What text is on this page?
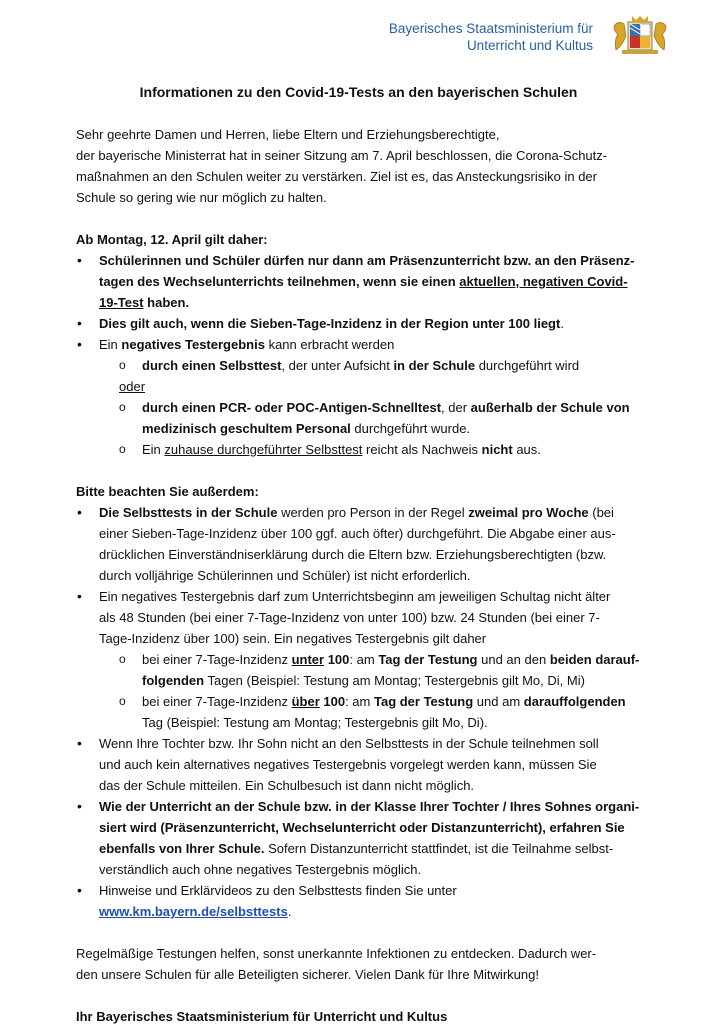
Bayerisches Staatsministerium für
Unterricht und Kultus
Informationen zu den Covid-19-Tests an den bayerischen Schulen

Sehr geehrte Damen und Herren, liebe Eltern und Erziehungsberechtigte,

der bayerische Ministerrat hat in seiner Sitzung am 7. April beschlossen, die Corona-Schutz-

maßnahmen an den Schulen weiter zu verstärken. Ziel ist es, das Ansteckungsrisiko in der

Schule so gering wie nur möglich zu halten.

Ab Montag, 12. April gilt daher:

• Schülerinnen und Schüler dürfen nur dann am Präsenzunterricht bzw. an den Präsenz-
tagen des Wechselunterrichts teilnehmen, wenn sie einen aktuellen, negativen Covid-
19-Test haben.
• Dies gilt auch, wenn die Sieben-Tage-Inzidenz in der Region unter 100 liegt.
• Ein negatives Testergebnis kann erbracht werden
o durch einen Selbsttest, der unter Aufsicht in der Schule durchgeführt wird
oder
o durch einen PCR- oder POC-Antigen-Schnelltest, der außerhalb der Schule von
medizinisch geschultem Personal durchgeführt wurde.
o Ein zuhause durchgeführter Selbsttest reicht als Nachweis nicht aus.

Bitte beachten Sie außerdem:

• Die Selbsttests in der Schule werden pro Person in der Regel zweimal pro Woche (bei
einer Sieben-Tage-Inzidenz über 100 ggf. auch öfter) durchgeführt. Die Abgabe einer aus-
drücklichen Einverständniserklärung durch die Eltern bzw. Erziehungsberechtigten (bzw.
durch volljährige Schülerinnen und Schüler) ist nicht erforderlich.
• Ein negatives Testergebnis darf zum Unterrichtsbeginn am jeweiligen Schultag nicht älter
als 48 Stunden (bei einer 7-Tage-Inzidenz von unter 100) bzw. 24 Stunden (bei einer 7-
Tage-Inzidenz über 100) sein. Ein negatives Testergebnis gilt daher
o bei einer 7-Tage-Inzidenz unter 100: am Tag der Testung und an den beiden darauf-
folgenden Tagen (Beispiel: Testung am Montag; Testergebnis gilt Mo, Di, Mi)
o bei einer 7-Tage-Inzidenz über 100: am Tag der Testung und am darauffolgenden
Tag (Beispiel: Testung am Montag; Testergebnis gilt Mo, Di).
• Wenn Ihre Tochter bzw. Ihr Sohn nicht an den Selbsttests in der Schule teilnehmen soll
und auch kein alternatives negatives Testergebnis vorgelegt werden kann, müssen Sie
das der Schule mitteilen. Ein Schulbesuch ist dann nicht möglich.
• Wie der Unterricht an der Schule bzw. in der Klasse Ihrer Tochter / Ihres Sohnes organi-
siert wird (Präsenzunterricht, Wechselunterricht oder Distanzunterricht), erfahren Sie
ebenfalls von Ihrer Schule. Sofern Distanzunterricht stattfindet, ist die Teilnahme selbst-
verständlich auch ohne negatives Testergebnis möglich.
• Hinweise und Erklärvideos zu den Selbsttests finden Sie unter
www.km.bayern.de/selbsttests.

Regelmäßige Testungen helfen, sonst unerkannte Infektionen zu entdecken. Dadurch wer-

den unsere Schulen für alle Beteiligten sicherer. Vielen Dank für Ihre Mitwirkung!

Ihr Bayerisches Staatsministerium für Unterricht und Kultus
